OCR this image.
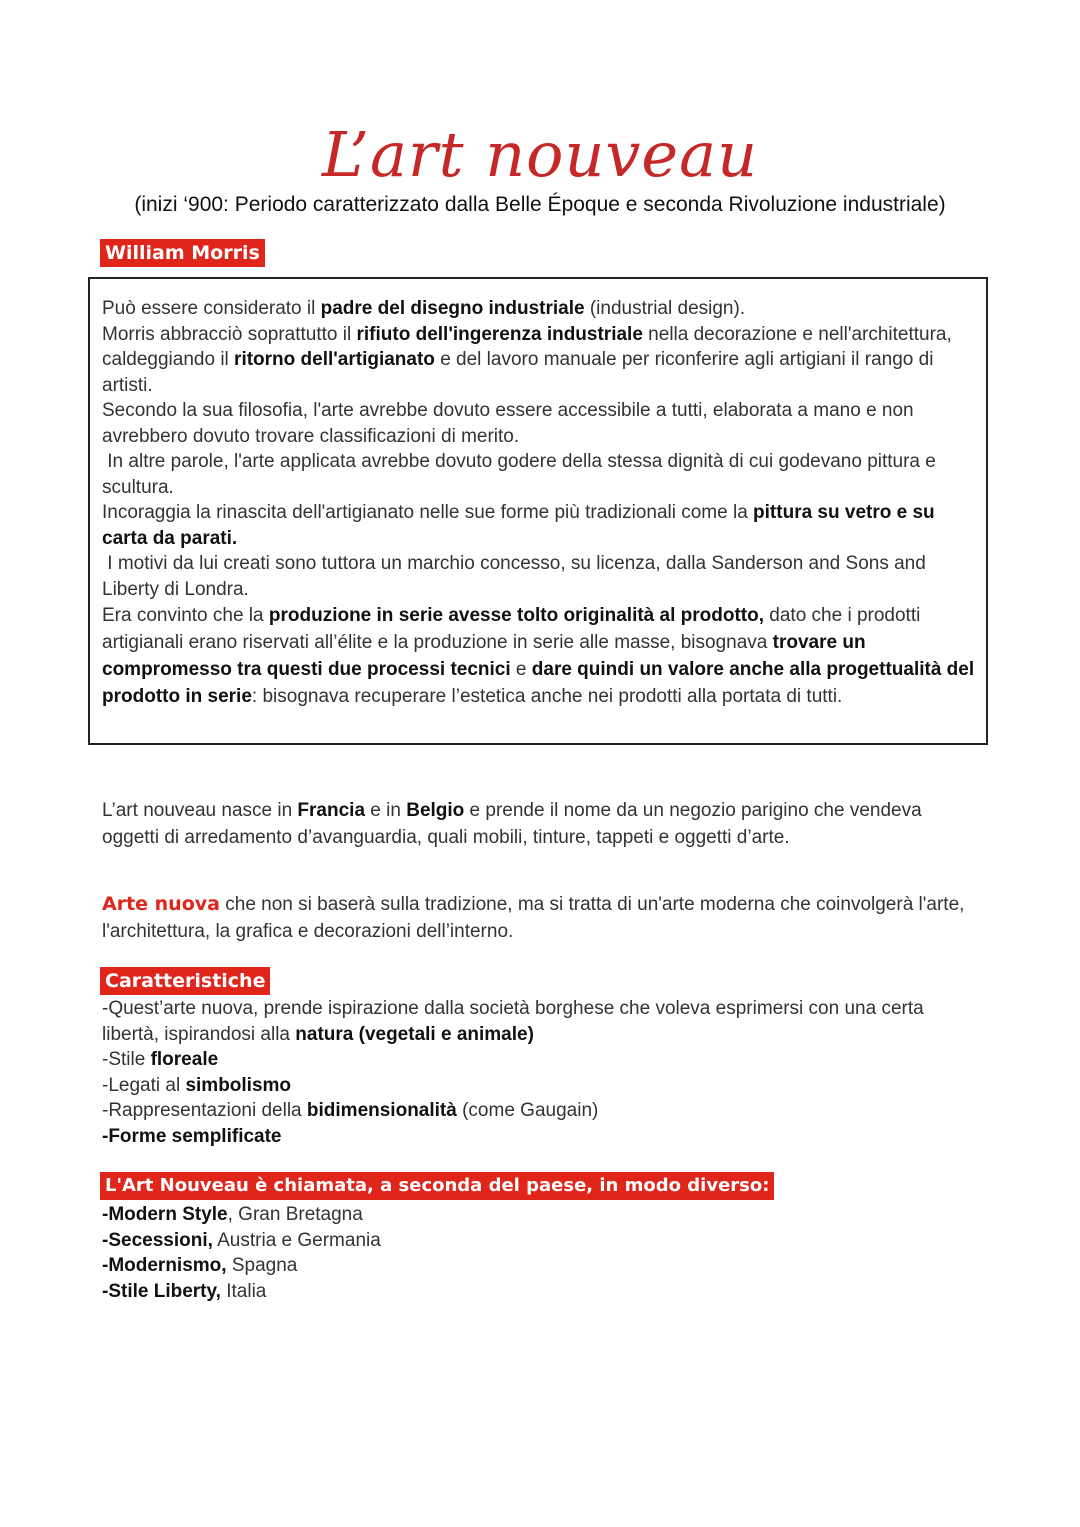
L’art nouveau
(inizi ‘900: Periodo caratterizzato dalla Belle Époque e seconda Rivoluzione industriale)
William Morris
Può essere considerato il padre del disegno industriale (industrial design).
Morris abbracciò soprattutto il rifiuto dell'ingerenza industriale nella decorazione e nell'architettura, caldeggiando il ritorno dell'artigianato e del lavoro manuale per riconferire agli artigiani il rango di artisti.
Secondo la sua filosofia, l'arte avrebbe dovuto essere accessibile a tutti, elaborata a mano e non avrebbero dovuto trovare classificazioni di merito.
In altre parole, l'arte applicata avrebbe dovuto godere della stessa dignità di cui godevano pittura e scultura.
Incoraggia la rinascita dell'artigianato nelle sue forme più tradizionali come la pittura su vetro e su carta da parati.
I motivi da lui creati sono tuttora un marchio concesso, su licenza, dalla Sanderson and Sons and Liberty di Londra.
Era convinto che la produzione in serie avesse tolto originalità al prodotto, dato che i prodotti artigianali erano riservati all’élite e la produzione in serie alle masse, bisognava trovare un compromesso tra questi due processi tecnici e dare quindi un valore anche alla progettualità del prodotto in serie: bisognava recuperare l’estetica anche nei prodotti alla portata di tutti.
L’art nouveau nasce in Francia e in Belgio e prende il nome da un negozio parigino che vendeva oggetti di arredamento d’avanguardia, quali mobili, tinture, tappeti e oggetti d’arte.
Arte nuova che non si baserà sulla tradizione, ma si tratta di un'arte moderna che coinvolgerà l'arte, l'architettura, la grafica e decorazioni dell’interno.
Caratteristiche
-Quest’arte nuova, prende ispirazione dalla società borghese che voleva esprimersi con una certa libertà, ispirandosi alla natura (vegetali e animale)
-Stile floreale
-Legati al simbolismo
-Rappresentazioni della bidimensionalità (come Gaugain)
-Forme semplificate
L'Art Nouveau è chiamata, a seconda del paese, in modo diverso:
-Modern Style, Gran Bretagna
-Secessioni, Austria e Germania
-Modernismo, Spagna
-Stile Liberty, Italia
